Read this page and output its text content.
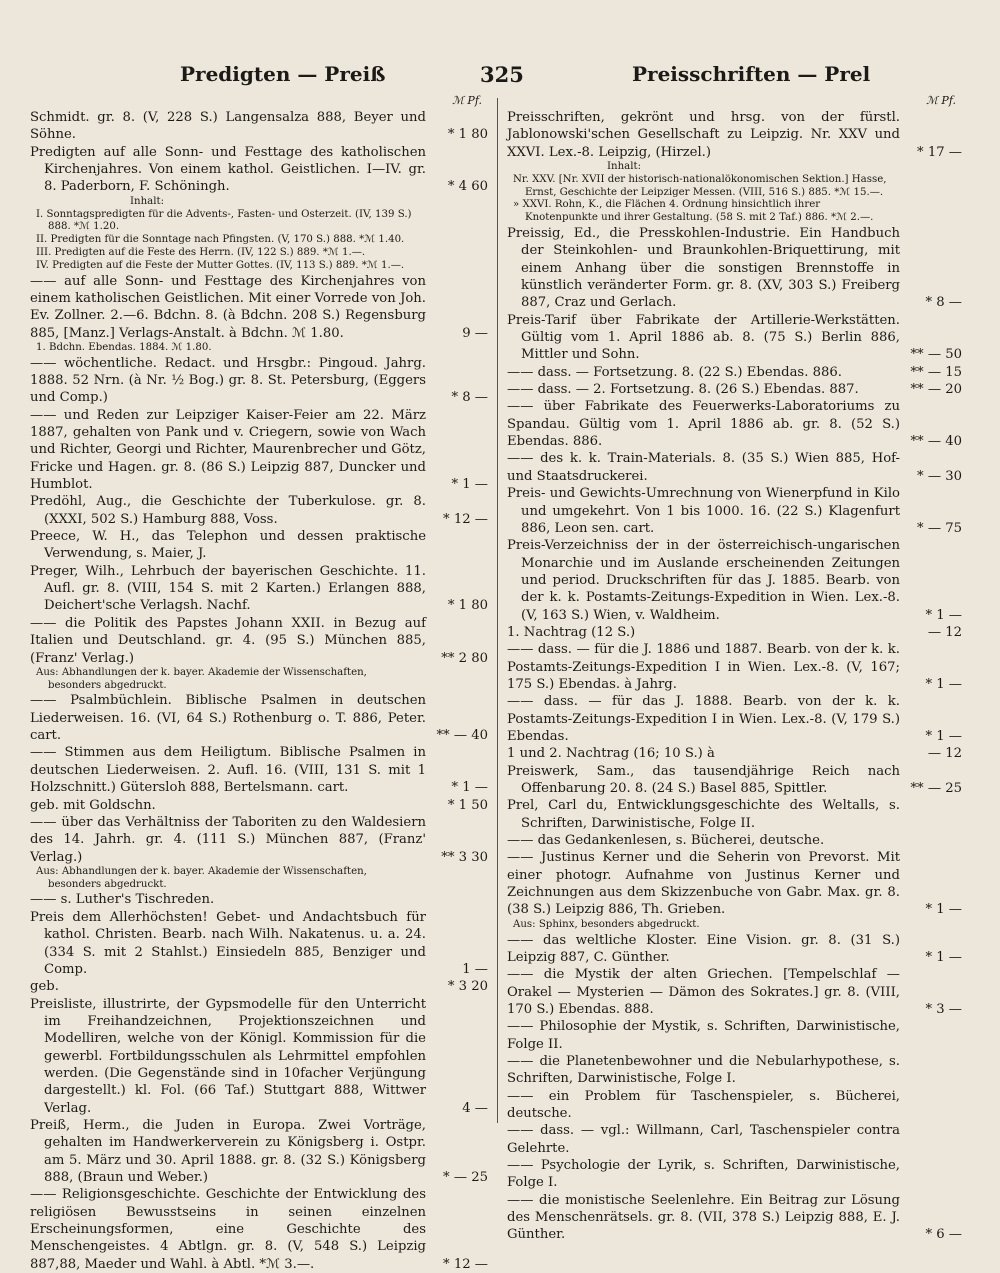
Predigten — Preiß	325	Preisschriften — Prel
ℳ Pf.
Schmidt. gr. 8. (V, 228 S.) Langensalza 888, Beyer und Söhne.	* 1 80
Predigten auf alle Sonn- und Festtage des katholischen Kirchenjahres. Von einem kathol. Geistlichen. I—IV. gr. 8. Paderborn, F. Schöningh.	* 4 60
Inhalt:
I. Sonntagspredigten für die Advents-, Fasten- und Osterzeit. (IV, 139 S.) 888. *ℳ 1.20.
II. Predigten für die Sonntage nach Pfingsten. (V, 170 S.) 888. *ℳ 1.40.
III. Predigten auf die Feste des Herrn. (IV, 122 S.) 889. *ℳ 1.—.
IV. Predigten auf die Feste der Mutter Gottes. (IV, 113 S.) 889. *ℳ 1.—.
—— auf alle Sonn- und Festtage des Kirchenjahres von einem katholischen Geistlichen. Mit einer Vorrede von Joh. Ev. Zollner. 2.—6. Bdchn. 8. (à Bdchn. 208 S.) Regensburg 885, [Manz.] Verlags-Anstalt. à Bdchn. ℳ 1.80.	9 —
1. Bdchn. Ebendas. 1884. ℳ 1.80.
—— wöchentliche. Redact. und Hrsgbr.: Pingoud. Jahrg. 1888. 52 Nrn. (à Nr. ½ Bog.) gr. 8. St. Petersburg, (Eggers und Comp.)	* 8 —
—— und Reden zur Leipziger Kaiser-Feier am 22. März 1887, gehalten von Pank und v. Criegern, sowie von Wach und Richter, Georgi und Richter, Maurenbrecher und Götz, Fricke und Hagen. gr. 8. (86 S.) Leipzig 887, Duncker und Humblot.	* 1 —
Predöhl, Aug., die Geschichte der Tuberkulose. gr. 8. (XXXI, 502 S.) Hamburg 888, Voss.	* 12 —
Preece, W. H., das Telephon und dessen praktische Verwendung, s. Maier, J.
Preger, Wilh., Lehrbuch der bayerischen Geschichte. 11. Aufl. gr. 8. (VIII, 154 S. mit 2 Karten.) Erlangen 888, Deichert'sche Verlagsh. Nachf.	* 1 80
—— die Politik des Papstes Johann XXII. in Bezug auf Italien und Deutschland. gr. 4. (95 S.) München 885, (Franz' Verlag.)	** 2 80
Aus: Abhandlungen der k. bayer. Akademie der Wissenschaften, besonders abgedruckt.
—— Psalmbüchlein. Biblische Psalmen in deutschen Liederweisen. 16. (VI, 64 S.) Rothenburg o. T. 886, Peter. cart.	** — 40
—— Stimmen aus dem Heiligtum. Biblische Psalmen in deutschen Liederweisen. 2. Aufl. 16. (VIII, 131 S. mit 1 Holzschnitt.) Gütersloh 888, Bertelsmann. cart.	* 1 —
geb. mit Goldschn.	* 1 50
—— über das Verhältniss der Taboriten zu den Waldesiern des 14. Jahrh. gr. 4. (111 S.) München 887, (Franz' Verlag.)	** 3 30
Aus: Abhandlungen der k. bayer. Akademie der Wissenschaften, besonders abgedruckt.
—— s. Luther's Tischreden.
Preis dem Allerhöchsten! Gebet- und Andachtsbuch für kathol. Christen. Bearb. nach Wilh. Nakatenus. u. a. 24. (334 S. mit 2 Stahlst.) Einsiedeln 885, Benziger und Comp.	1 —
geb.	* 3 20
Preisliste, illustrirte, der Gypsmodelle für den Unterricht im Freihandzeichnen, Projektionszeichnen und Modelliren, welche von der Königl. Kommission für die gewerbl. Fortbildungsschulen als Lehrmittel empfohlen werden. (Die Gegenstände sind in 10facher Verjüngung dargestellt.) kl. Fol. (66 Taf.) Stuttgart 888, Wittwer Verlag.	4 —
Preiß, Herm., die Juden in Europa. Zwei Vorträge, gehalten im Handwerkerverein zu Königsberg i. Ostpr. am 5. März und 30. April 1888. gr. 8. (32 S.) Königsberg 888, (Braun und Weber.)	* — 25
—— Religionsgeschichte. Geschichte der Entwicklung des religiösen Bewusstseins in seinen einzelnen Erscheinungsformen, eine Geschichte des Menschengeistes. 4 Abtlgn. gr. 8. (V, 548 S.) Leipzig 887,88, Maeder und Wahl. à Abtl. *ℳ 3.—.	* 12 —
ℳ Pf.
Preisschriften, gekrönt und hrsg. von der fürstl. Jablonowski'schen Gesellschaft zu Leipzig. Nr. XXV und XXVI. Lex.-8. Leipzig, (Hirzel.)	* 17 —
Inhalt:
Nr. XXV. [Nr. XVII der historisch-nationalökonomischen Sektion.] Hasse, Ernst, Geschichte der Leipziger Messen. (VIII, 516 S.) 885. *ℳ 15.—.
» XXVI. Rohn, K., die Flächen 4. Ordnung hinsichtlich ihrer Knotenpunkte und ihrer Gestaltung. (58 S. mit 2 Taf.) 886. *ℳ 2.—.
Preissig, Ed., die Presskohlen-Industrie. Ein Handbuch der Steinkohlen- und Braunkohlen-Briquettirung, mit einem Anhang über die sonstigen Brennstoffe in künstlich veränderter Form. gr. 8. (XV, 303 S.) Freiberg 887, Craz und Gerlach.	* 8 —
Preis-Tarif über Fabrikate der Artillerie-Werkstätten. Gültig vom 1. April 1886 ab. 8. (75 S.) Berlin 886, Mittler und Sohn.	** — 50
—— dass. — Fortsetzung. 8. (22 S.) Ebendas. 886.	** — 15
—— dass. — 2. Fortsetzung. 8. (26 S.) Ebendas. 887.	** — 20
—— über Fabrikate des Feuerwerks-Laboratoriums zu Spandau. Gültig vom 1. April 1886 ab. gr. 8. (52 S.) Ebendas. 886.	** — 40
—— des k. k. Train-Materials. 8. (35 S.) Wien 885, Hof- und Staatsdruckerei.	* — 30
Preis- und Gewichts-Umrechnung von Wienerpfund in Kilo und umgekehrt. Von 1 bis 1000. 16. (22 S.) Klagenfurt 886, Leon sen. cart.	* — 75
Preis-Verzeichniss der in der österreichisch-ungarischen Monarchie und im Auslande erscheinenden Zeitungen und period. Druckschriften für das J. 1885. Bearb. von der k. k. Postamts-Zeitungs-Expedition in Wien. Lex.-8. (V, 163 S.) Wien, v. Waldheim.	* 1 —
1. Nachtrag (12 S.)	— 12
—— dass. — für die J. 1886 und 1887. Bearb. von der k. k. Postamts-Zeitungs-Expedition I in Wien. Lex.-8. (V, 167; 175 S.) Ebendas. à Jahrg.	* 1 —
—— dass. — für das J. 1888. Bearb. von der k. k. Postamts-Zeitungs-Expedition I in Wien. Lex.-8. (V, 179 S.) Ebendas.	* 1 —
1 und 2. Nachtrag (16; 10 S.) à	— 12
Preiswerk, Sam., das tausendjährige Reich nach Offenbarung 20. 8. (24 S.) Basel 885, Spittler.	** — 25
Prel, Carl du, Entwicklungsgeschichte des Weltalls, s. Schriften, Darwinistische, Folge II.
—— das Gedankenlesen, s. Bücherei, deutsche.
—— Justinus Kerner und die Seherin von Prevorst. Mit einer photogr. Aufnahme von Justinus Kerner und Zeichnungen aus dem Skizzenbuche von Gabr. Max. gr. 8. (38 S.) Leipzig 886, Th. Grieben.	* 1 —
Aus: Sphinx, besonders abgedruckt.
—— das weltliche Kloster. Eine Vision. gr. 8. (31 S.) Leipzig 887, C. Günther.	* 1 —
—— die Mystik der alten Griechen. [Tempelschlaf — Orakel — Mysterien — Dämon des Sokrates.] gr. 8. (VIII, 170 S.) Ebendas. 888.	* 3 —
—— Philosophie der Mystik, s. Schriften, Darwinistische, Folge II.
—— die Planetenbewohner und die Nebularhypothese, s. Schriften, Darwinistische, Folge I.
—— ein Problem für Taschenspieler, s. Bücherei, deutsche.
—— dass. — vgl.: Willmann, Carl, Taschenspieler contra Gelehrte.
—— Psychologie der Lyrik, s. Schriften, Darwinistische, Folge I.
—— die monistische Seelenlehre. Ein Beitrag zur Lösung des Menschenrätsels. gr. 8. (VII, 378 S.) Leipzig 888, E. J. Günther.	* 6 —
